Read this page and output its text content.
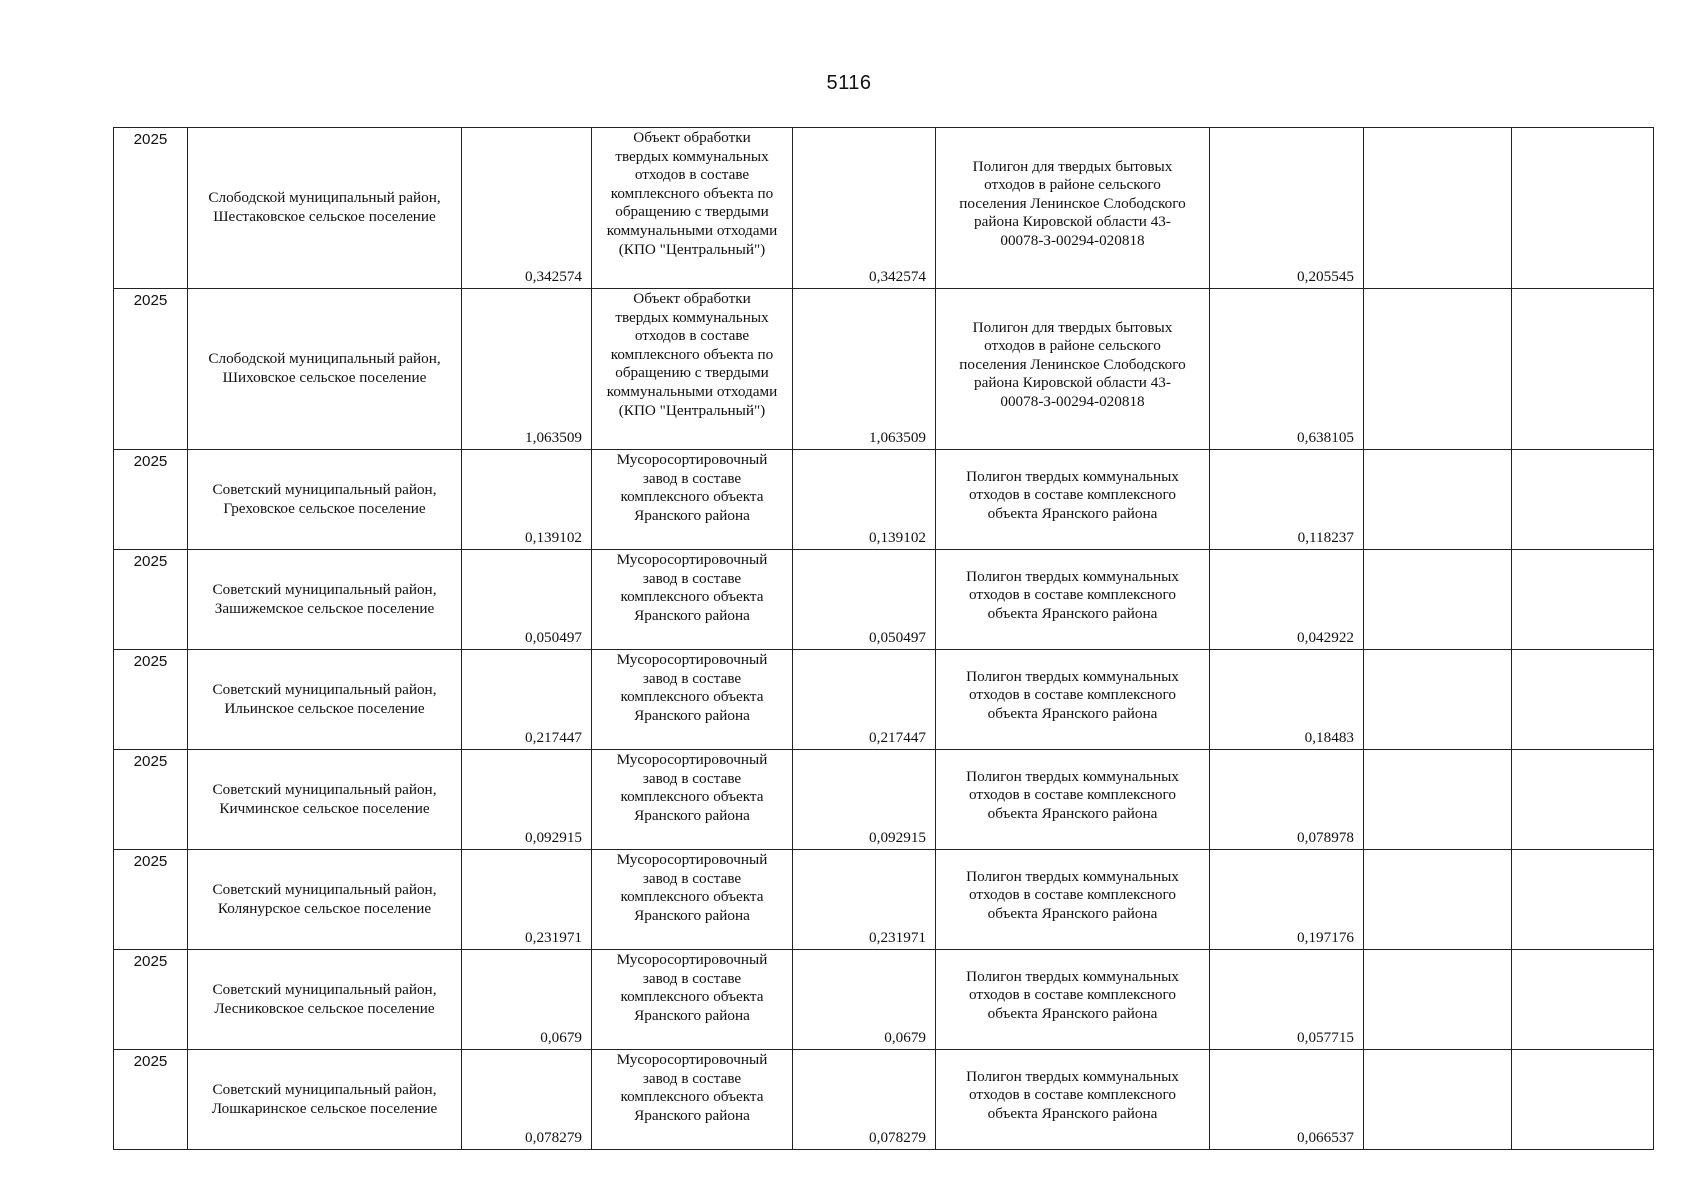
5116
2025	Слободской муниципальный район, Шестаковское сельское поселение	0,342574	Объект обработки твердых коммунальных отходов в составе комплексного объекта по обращению с твердыми коммунальными отходами (КПО "Центральный")	0,342574	Полигон для твердых бытовых отходов в районе сельского поселения Ленинское Слободского района Кировской области 43-00078-З-00294-020818	0,205545		
2025	Слободской муниципальный район, Шиховское сельское поселение	1,063509	Объект обработки твердых коммунальных отходов в составе комплексного объекта по обращению с твердыми коммунальными отходами (КПО "Центральный")	1,063509	Полигон для твердых бытовых отходов в районе сельского поселения Ленинское Слободского района Кировской области 43-00078-З-00294-020818	0,638105		
2025	Советский муниципальный район, Греховское сельское поселение	0,139102	Мусоросортировочный завод в составе комплексного объекта Яранского района	0,139102	Полигон твердых коммунальных отходов в составе комплексного объекта Яранского района	0,118237		
2025	Советский муниципальный район, Зашижемское сельское поселение	0,050497	Мусоросортировочный завод в составе комплексного объекта Яранского района	0,050497	Полигон твердых коммунальных отходов в составе комплексного объекта Яранского района	0,042922		
2025	Советский муниципальный район, Ильинское сельское поселение	0,217447	Мусоросортировочный завод в составе комплексного объекта Яранского района	0,217447	Полигон твердых коммунальных отходов в составе комплексного объекта Яранского района	0,18483		
2025	Советский муниципальный район, Кичминское сельское поселение	0,092915	Мусоросортировочный завод в составе комплексного объекта Яранского района	0,092915	Полигон твердых коммунальных отходов в составе комплексного объекта Яранского района	0,078978		
2025	Советский муниципальный район, Колянурское сельское поселение	0,231971	Мусоросортировочный завод в составе комплексного объекта Яранского района	0,231971	Полигон твердых коммунальных отходов в составе комплексного объекта Яранского района	0,197176		
2025	Советский муниципальный район, Лесниковское сельское поселение	0,0679	Мусоросортировочный завод в составе комплексного объекта Яранского района	0,0679	Полигон твердых коммунальных отходов в составе комплексного объекта Яранского района	0,057715		
2025	Советский муниципальный район, Лошкаринское сельское поселение	0,078279	Мусоросортировочный завод в составе комплексного объекта Яранского района	0,078279	Полигон твердых коммунальных отходов в составе комплексного объекта Яранского района	0,066537		
